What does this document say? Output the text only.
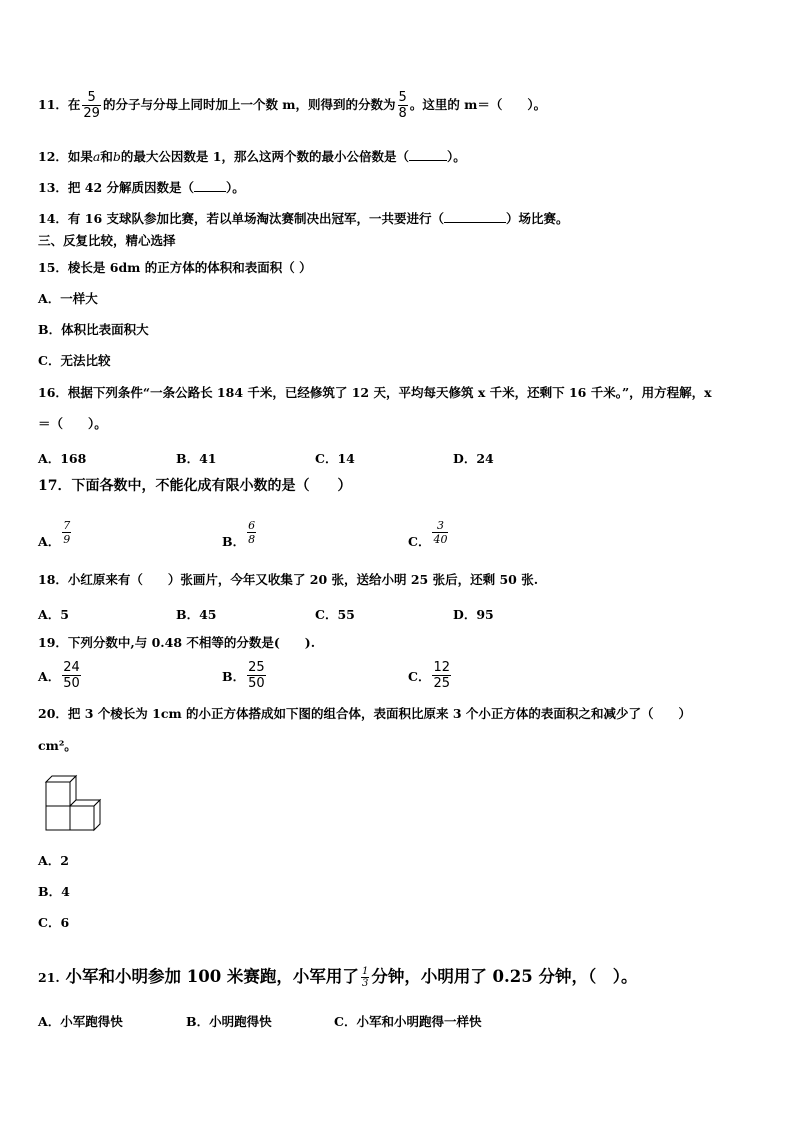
11．在 $\frac{5}{29}$ 的分子与分母上同时加上一个数 m，则得到的分数为 $\frac{5}{8}$ 。这里的 m＝（　　）。
12．如果a和b的最大公因数是 1，那么这两个数的最小公倍数是（	）。
13．把 42 分解质因数是（	）。
14．有 16 支球队参加比赛，若以单场淘汰赛制决出冠军，一共要进行（	）场比赛。
三、反复比较，精心选择
15．棱长是 6dm 的正方体的体积和表面积（ ）
A．一样大
B．体积比表面积大
C．无法比较
16．根据下列条件“一条公路长 184 千米，已经修筑了 12 天，平均每天修筑 x 千米，还剩下 16 千米。”，用方程解，x
＝（　　）。
A．168	B．41	C．14	D．24
17．下面各数中，不能化成有限小数的是（　　）
A． $\frac{7}{9}$	B． $\frac{6}{8}$	C． $\frac{3}{40}$
18．小红原来有（　　）张画片，今年又收集了 20 张，送给小明 25 张后，还剩 50 张.
A．5	B．45	C．55	D．95
19．下列分数中,与 0.48 不相等的分数是(　　).
A． $\frac{24}{50}$	B． $\frac{25}{50}$	C． $\frac{12}{25}$
20．把 3 个棱长为 1cm 的小正方体搭成如下图的组合体，表面积比原来 3 个小正方体的表面积之和减少了（　　）
cm²。
A．2
B．4
C．6
21. 小军和小明参加 100 米赛跑，小军用了 $\frac{1}{3}$ 分钟，小明用了 0.25 分钟，（　）。
A．小军跑得快	B．小明跑得快	C．小军和小明跑得一样快
